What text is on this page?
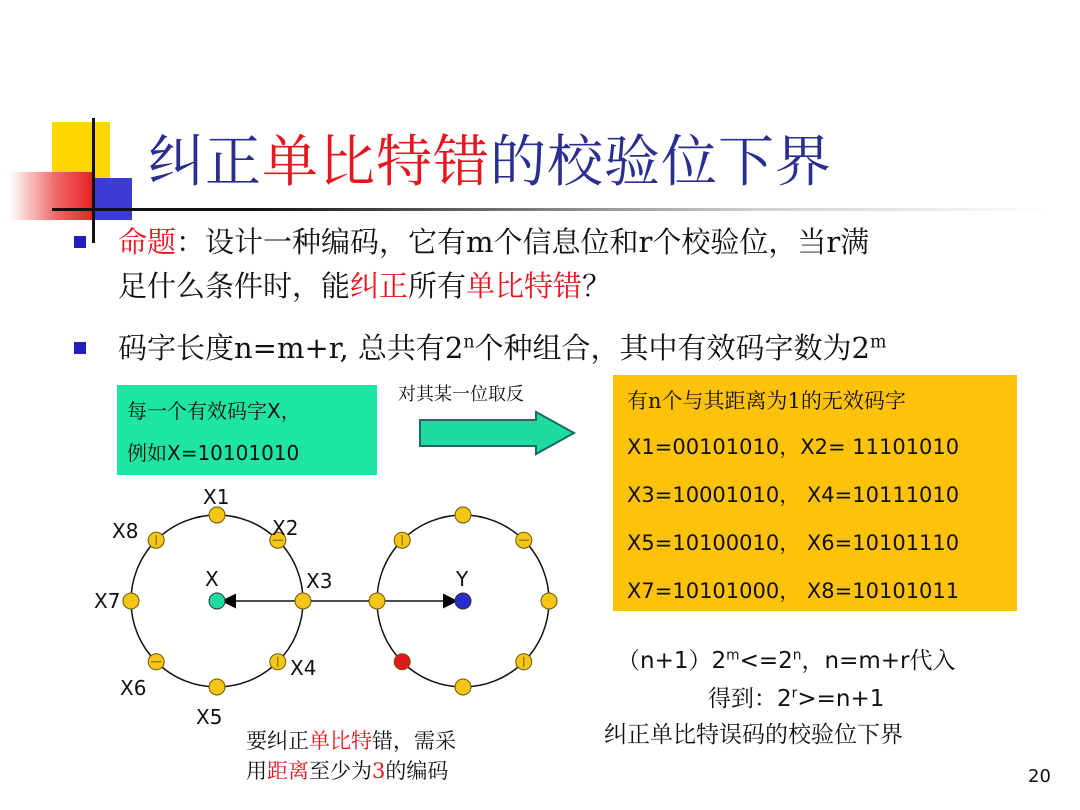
纠正单比特错的校验位下界
命题：设计一种编码，它有m个信息位和r个校验位，当r满
足什么条件时，能纠正所有单比特错？
码字长度n=m+r, 总共有2$^n$个种组合，其中有效码字数为2$^m$
每一个有效码字X，
例如X=10101010
对其某一位取反	有n个与其距离为1的无效码字
X1=00101010，X2= 11101010
X3=10001010， X4=10111010
X5=10100010， X6=10101110
X7=10101000， X8=10101011
X1
X2
X3
X4
X5
X6
X7
X8
X	Y
$(n+1)2^m<=2^n$，n=m+r代入
得到：$2^r>=n+1$
纠正单比特误码的校验位下界
要纠正单比特错，需采
用距离至少为3的编码	20
